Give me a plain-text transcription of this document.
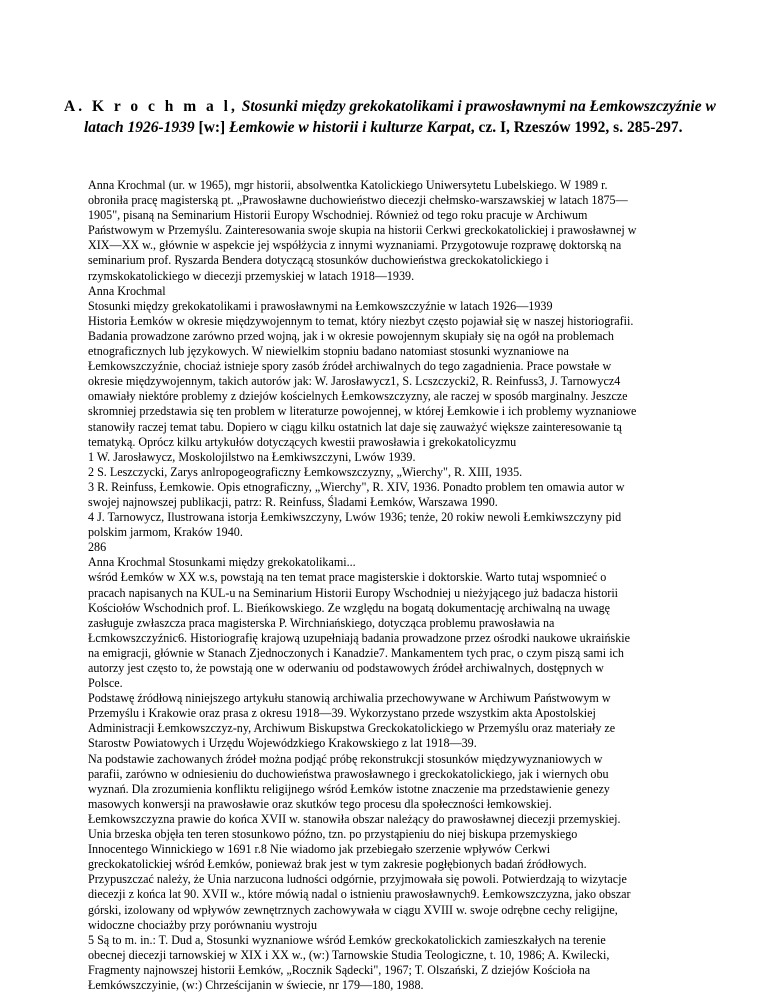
A. K r o c h m a l, Stosunki między grekokatolikami i prawosławnymi na Łemkowszczyźnie w latach 1926-1939 [w:] Łemkowie w historii i kulturze Karpat, cz. I, Rzeszów 1992, s. 285-297.
Anna Krochmal (ur. w 1965), mgr historii, absolwentka Katolickiego Uniwersytetu Lubelskiego. W 1989 r.
obroniła pracę magisterską pt. „Prawosławne duchowieństwo diecezji chełmsko-warszawskiej w latach 1875—
1905", pisaną na Seminarium Historii Europy Wschodniej. Również od tego roku pracuje w Archiwum
Państwowym w Przemyślu. Zainteresowania swoje skupia na historii Cerkwi greckokatolickiej i prawosławnej w
XIX—XX w., głównie w aspekcie jej współżycia z innymi wyznaniami. Przygotowuje rozprawę doktorską na
seminarium prof. Ryszarda Bendera dotyczącą stosunków duchowieństwa greckokatolickiego i
rzymskokatolickiego w diecezji przemyskiej w latach 1918—1939.
Anna Krochmal
Stosunki między grekokatolikami i prawosławnymi na Łemkowszczyźnie w latach 1926—1939
Historia Łemków w okresie międzywojennym to temat, który niezbyt często pojawiał się w naszej historiografii.
Badania prowadzone zarówno przed wojną, jak i w okresie powojennym skupiały się na ogół na problemach
etnograficznych lub językowych. W niewielkim stopniu badano natomiast stosunki wyznaniowe na
Łemkowszczyźnie, chociaż istnieje spory zasób źródeł archiwalnych do tego zagadnienia. Prace powstałe w
okresie międzywojennym, takich autorów jak: W. Jarosławycz1, S. Lcszczycki2, R. Reinfuss3, J. Tarnowycz4
omawiały niektóre problemy z dziejów kościelnych Łemkowszczyzny, ale raczej w sposób marginalny. Jeszcze
skromniej przedstawia się ten problem w literaturze powojennej, w której Łemkowie i ich problemy wyznaniowe
stanowiły raczej temat tabu. Dopiero w ciągu kilku ostatnich lat daje się zauważyć większe zainteresowanie tą
tematyką. Oprócz kilku artykułów dotyczących kwestii prawosławia i grekokatolicyzmu
1 W. Jarosławycz, Moskolojilstwo na Łemkiwszczyni, Lwów 1939.
2 S. Leszczycki, Zarys anlropogeograficzny Łemkowszczyzny, „Wierchy", R. XIII, 1935.
3 R. Reinfuss, Łemkowie. Opis etnograficzny, „Wierchy", R. XIV, 1936. Ponadto problem ten omawia autor w
swojej najnowszej publikacji, patrz: R. Reinfuss, Śladami Łemków, Warszawa 1990.
4 J. Tarnowycz, Ilustrowana istorja Łemkiwszczyny, Lwów 1936; tenże, 20 rokiw newoli Łemkiwszczyny pid
polskim jarmom, Kraków 1940.
286
Anna Krochmal Stosunkami między grekokatolikami...
wśród Łemków w XX w.s, powstają na ten temat prace magisterskie i doktorskie. Warto tutaj wspomnieć o
pracach napisanych na KUL-u na Seminarium Historii Europy Wschodniej u nieżyjącego już badacza historii
Kościołów Wschodnich prof. L. Bieńkowskiego. Ze względu na bogatą dokumentację archiwalną na uwagę
zasługuje zwłaszcza praca magisterska P. Wirchniańskiego, dotycząca problemu prawosławia na
Łcmkowszczyźnic6. Historiografię krajową uzupełniają badania prowadzone przez ośrodki naukowe ukraińskie
na emigracji, głównie w Stanach Zjednoczonych i Kanadzie7. Mankamentem tych prac, o czym piszą sami ich
autorzy jest często to, że powstają one w oderwaniu od podstawowych źródeł archiwalnych, dostępnych w
Polsce.
Podstawę źródłową niniejszego artykułu stanowią archiwalia przechowywane w Archiwum Państwowym w
Przemyślu i Krakowie oraz prasa z okresu 1918—39. Wykorzystano przede wszystkim akta Apostolskiej
Administracji Łemkowszczyz-ny, Archiwum Biskupstwa Greckokatolickiego w Przemyślu oraz materiały ze
Starostw Powiatowych i Urzędu Wojewódzkiego Krakowskiego z lat 1918—39.
Na podstawie zachowanych źródeł można podjąć próbę rekonstrukcji stosunków międzywyznaniowych w
parafii, zarówno w odniesieniu do duchowieństwa prawosławnego i greckokatolickiego, jak i wiernych obu
wyznań. Dla zrozumienia konfliktu religijnego wśród Łemków istotne znaczenie ma przedstawienie genezy
masowych konwersji na prawosławie oraz skutków tego procesu dla społeczności łemkowskiej.
Łemkowszczyzna prawie do końca XVII w. stanowiła obszar należący do prawosławnej diecezji przemyskiej.
Unia brzeska objęła ten teren stosunkowo późno, tzn. po przystąpieniu do niej biskupa przemyskiego
Innocentego Winnickiego w 1691 r.8 Nie wiadomo jak przebiegało szerzenie wpływów Cerkwi
greckokatolickiej wśród Łemków, ponieważ brak jest w tym zakresie pogłębionych badań źródłowych.
Przypuszczać należy, że Unia narzucona ludności odgórnie, przyjmowała się powoli. Potwierdzają to wizytacje
diecezji z końca lat 90. XVII w., które mówią nadal o istnieniu prawosławnych9. Łemkowszczyzna, jako obszar
górski, izolowany od wpływów zewnętrznych zachowywała w ciągu XVIII w. swoje odrębne cechy religijne,
widoczne chociażby przy porównaniu wystroju
5 Są to m. in.: T. Dud a, Stosunki wyznaniowe wśród Łemków greckokatolickich zamieszkałych na terenie
obecnej diecezji tarnowskiej w XIX i XX w., (w:) Tarnowskie Studia Teologiczne, t. 10, 1986; A. Kwilecki,
Fragmenty najnowszej historii Łemków, „Rocznik Sądecki", 1967; T. Olszański, Z dziejów Kościoła na
Łemkówszczyinie, (w:) Chrześcijanin w świecie, nr 179—180, 1988.
